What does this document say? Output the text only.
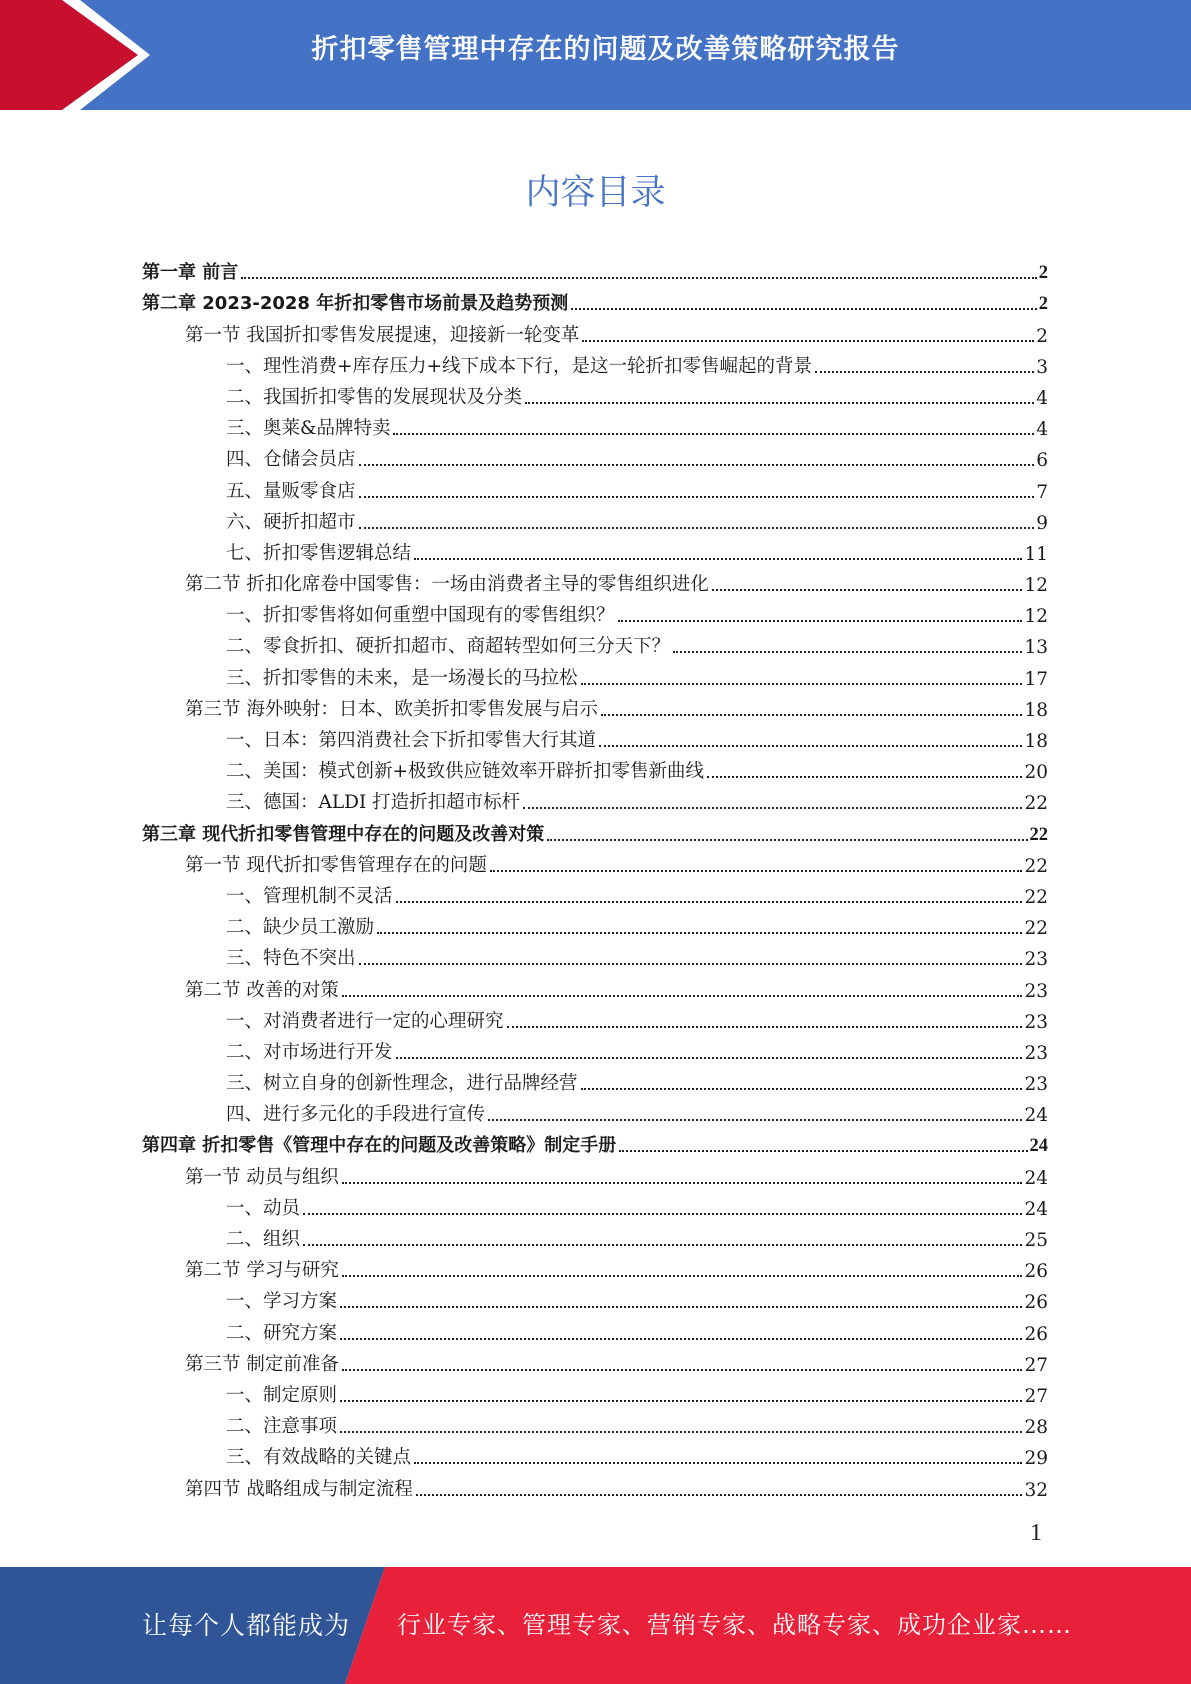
折扣零售管理中存在的问题及改善策略研究报告
内容目录
第一章 前言	2
第二章 2023-2028 年折扣零售市场前景及趋势预测	2
第一节 我国折扣零售发展提速，迎接新一轮变革	2
一、理性消费+库存压力+线下成本下行，是这一轮折扣零售崛起的背景	3
二、我国折扣零售的发展现状及分类	4
三、奥莱&品牌特卖	4
四、仓储会员店	6
五、量贩零食店	7
六、硬折扣超市	9
七、折扣零售逻辑总结	11
第二节 折扣化席卷中国零售：一场由消费者主导的零售组织进化	12
一、折扣零售将如何重塑中国现有的零售组织？	12
二、零食折扣、硬折扣超市、商超转型如何三分天下？	13
三、折扣零售的未来，是一场漫长的马拉松	17
第三节 海外映射：日本、欧美折扣零售发展与启示	18
一、日本：第四消费社会下折扣零售大行其道	18
二、美国：模式创新+极致供应链效率开辟折扣零售新曲线	20
三、德国：ALDI 打造折扣超市标杆	22
第三章 现代折扣零售管理中存在的问题及改善对策	22
第一节 现代折扣零售管理存在的问题	22
一、管理机制不灵活	22
二、缺少员工激励	22
三、特色不突出	23
第二节 改善的对策	23
一、对消费者进行一定的心理研究	23
二、对市场进行开发	23
三、树立自身的创新性理念，进行品牌经营	23
四、进行多元化的手段进行宣传	24
第四章 折扣零售《管理中存在的问题及改善策略》制定手册	24
第一节 动员与组织	24
一、动员	24
二、组织	25
第二节 学习与研究	26
一、学习方案	26
二、研究方案	26
第三节 制定前准备	27
一、制定原则	27
二、注意事项	28
三、有效战略的关键点	29
第四节 战略组成与制定流程	32
1
让每个人都能成为 行业专家、管理专家、营销专家、战略专家、成功企业家……
